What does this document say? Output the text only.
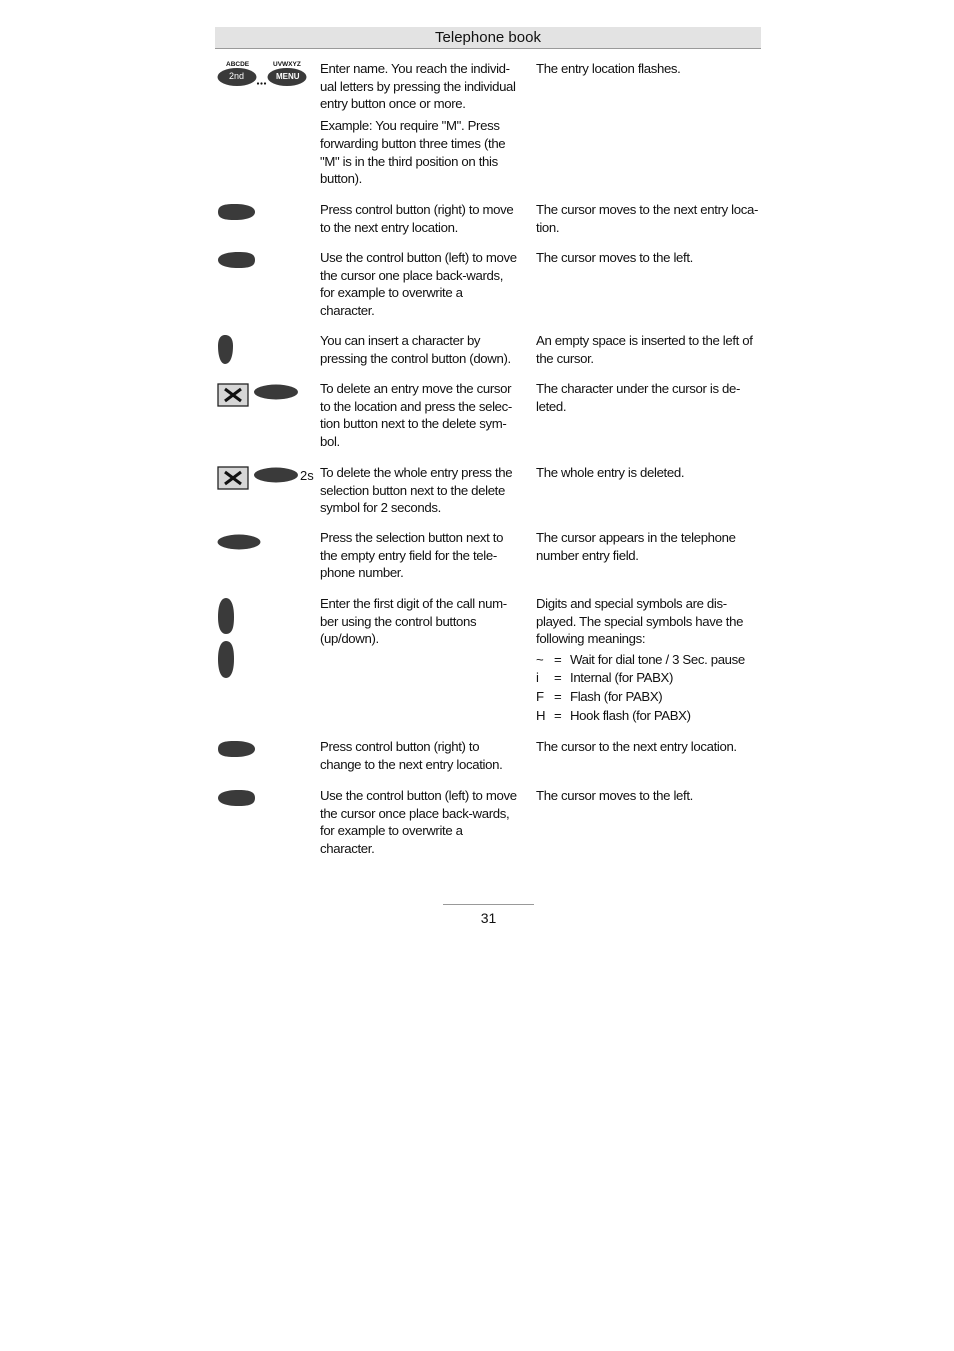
Telephone book
ABCDE
2nd
UVWXYZ
MENU

Enter name. You reach the individ-ual letters by pressing the individual entry button once or more.

Example: You require "M". Press forwarding button three times (the "M" is in the third position on this button).

The entry location flashes.

Press control button (right) to move to the next entry location.

The cursor moves to the next entry loca-tion.

Use the control button (left) to move the cursor one place back-wards, for example to overwrite a character.

The cursor moves to the left.

You can insert a character by pressing the control button (down).

An empty space is inserted to the left of the cursor.

To delete an entry move the cursor to the location and press the selec-tion button next to the delete sym-bol.

The character under the cursor is de-leted.

2s To delete the whole entry press the selection button next to the delete symbol for 2 seconds.

The whole entry is deleted.

Press the selection button next to the empty entry field for the tele-phone number.

The cursor appears in the telephone number entry field.

Enter the first digit of the call num-ber using the control buttons (up/down).

Digits and special symbols are dis-played. The special symbols have the following meanings:

~ = Wait for dial tone / 3 Sec. pause
i	= Internal (for PABX)
F = Flash (for PABX)
H = Hook flash (for PABX)

Press control button (right) to change to the next entry location.

The cursor to the next entry location.

Use the control button (left) to move the cursor once place back-wards, for example to overwrite a character.

The cursor moves to the left.

31
